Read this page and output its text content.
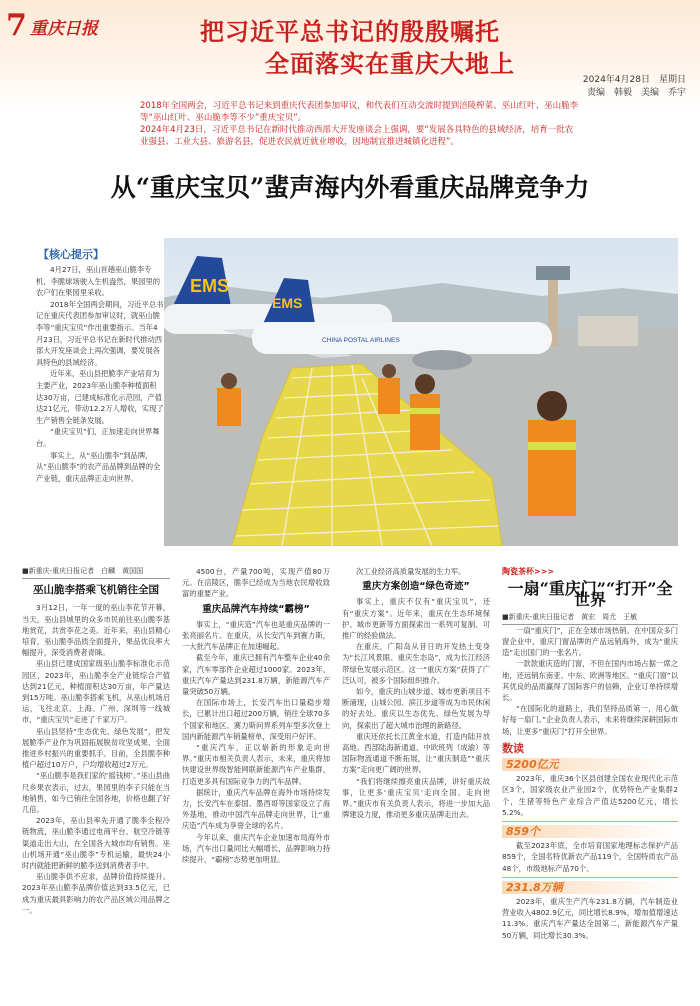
7 重庆日报	把习近平总书记的殷殷嘱托
全面落实在重庆大地上
2024年4月28日　星期日
责编　韩毅　美编　乔宇
2018年全国两会，习近平总书记来到重庆代表团参加审议，和代表们互动交流时提到涪陵榨菜、巫山红叶、巫山脆李等“巫山红叶、巫山脆李等不少”重庆宝贝”。
2024年4月23日，习近平总书记在新时代推动西部大开发座谈会上强调，要“发展各具特色的县域经济，培育一批农业强县、工业大县、旅游名县，促进农民就近就业增收，因地制宜推进城镇化进程”。
从“重庆宝贝”蜚声海内外看重庆品牌竞争力
EMS
CHINA POSTAL AIRLINES
EMS

【核心提示】

4月27日，巫山首趟巫山脆李专机，李脆球场驶入生机盎然，果园里的农户们在果园里采收。

2018年全国两会期间，习近平总书记在重庆代表团参加审议时，就巫山脆李等“重庆宝贝”作出重要指示。当年4月23日，习近平总书记在新时代推动西部大开发座谈会上再次强调，要发展各具特色的县域经济。

近年来，巫山县把脆李产业培育为主要产业，2023年巫山脆李种植面积达30万亩，已建成标准化示范园，产值达21亿元，带动12.2万人增收，实现了生产销售全链条发展。

“重庆宝贝”们，正加速走向世界舞台。

事实上，从“巫山脆李”到品牌，从“巫山脆李”的农产品品牌到品牌的全产业链，重庆品牌正走向世界。

■新重庆-重庆日报记者　白麟　黄国国

巫山脆李搭乘飞机销往全国

3月12日，一年一度的巫山李花节开幕，当天，巫山县城里的众多市民前往巫山脆李基地赏花，共赏李花之美。近年来，巫山县精心培育，巫山脆李品质全面提升，果品优良率大幅提升，深受消费者青睐。

巫山县已建成国家级巫山脆李标准化示范园区，2023年，巫山脆李全产业链综合产值达到21亿元，种植面积达30万亩，年产量达到15万吨。巫山脆李搭乘飞机，从巫山机场启运，飞往北京、上海、广州、深圳等一线城市，“重庆宝贝”走进了千家万户。

巫山县坚持“生态优先、绿色发展”，把发展脆李产业作为巩固拓展脱贫攻坚成果、全面推进乡村振兴的重要抓手。目前，全县脆李种植户超过10万户，户均增收超过2万元。

“巫山脆李是我们家的‘摇钱树’。”巫山县曲尺乡果农表示，过去，果园里的李子只能在当地销售，如今已销往全国各地，价格也翻了好几倍。

2023年，巫山县率先开通了脆李全程冷链物流，巫山脆李通过电商平台、航空冷链等渠道走出大山，在全国各大城市均有销售。巫山机场开通“巫山脆李”专机运输，最快24小时内就能把新鲜的脆李送到消费者手中。

巫山脆李供不应求，品牌价值持续提升。2023年巫山脆李品牌价值达到33.5亿元，已成为重庆最具影响力的农产品区域公用品牌之一。

4500台，产量700吨，实现产值80万元。在涪陵区，脆李已经成为当地农民增收致富的重要产业。

重庆品牌汽车持续“霸榜”

事实上，“重庆造”汽车也是重庆品牌的一张亮丽名片。在重庆，从长安汽车到赛力斯，一大批汽车品牌正在加速崛起。

截至今年，重庆已拥有汽车整车企业40余家，汽车零部件企业超过1000家。2023年，重庆汽车产量达到231.8万辆，新能源汽车产量突破50万辆。

在国际市场上，长安汽车出口量稳步增长，已累计出口超过200万辆，销往全球70多个国家和地区。赛力斯问界系列车型多次登上国内新能源汽车销量榜单，深受用户好评。

“重庆汽车，正以崭新的形象走向世界。”重庆市相关负责人表示，未来，重庆将加快建设世界级智能网联新能源汽车产业集群，打造更多具有国际竞争力的汽车品牌。

据统计，重庆汽车品牌在海外市场持续发力，长安汽车在泰国、墨西哥等国家设立了海外基地，推动中国汽车品牌走向世界，让“重庆造”汽车成为享誉全球的名片。

今年以来，重庆汽车企业加速布局海外市场，汽车出口量同比大幅增长，品牌影响力持续提升，“霸榜”态势更加明显。

次工业经济高质量发展的生力军。

重庆方案创造“绿色奇迹”

事实上，重庆不仅有“重庆宝贝”，还有“重庆方案”。近年来，重庆在生态环境保护、城市更新等方面探索出一系列可复制、可推广的经验做法。

在重庆，广阳岛从昔日的开发热土变身为“长江风景眼、重庆生态岛”，成为长江经济带绿色发展示范区。这一“重庆方案”获得了广泛认可，被多个国际组织推介。

如今，重庆的山城步道、城市更新项目不断涌现，山城公园、滨江步道等成为市民休闲的好去处。重庆以生态优先、绿色发展为导向，探索出了超大城市治理的新路径。

重庆还依托长江黄金水道，打造内陆开放高地。西部陆海新通道、中欧班列（成渝）等国际物流通道不断拓展，让“重庆制造”“重庆方案”走向更广阔的世界。

“我们将继续擦亮重庆品牌，讲好重庆故事，让更多‘重庆宝贝’走向全国、走向世界。”重庆市有关负责人表示，将进一步加大品牌建设力度，推动更多重庆品牌走出去。

陶瓷茶杯>>>

一扇“重庆门”“打开”全世界

■新重庆-重庆日报记者　黄宏　周尤　王敏

一扇“重庆门”，正在全球市场热销。在中国众多门窗企业中，重庆门窗品牌的产品远销海外，成为“重庆造”走出国门的一张名片。

一款款重庆造的门窗，不但在国内市场占据一席之地，还远销东南亚、中东、欧洲等地区。“重庆门窗”以其优良的品质赢得了国际客户的信赖，企业订单持续增长。

“在国际化的道路上，我们坚持品质第一，用心做好每一扇门。”企业负责人表示，未来将继续深耕国际市场，让更多“重庆门”打开全世界。

数读
5200亿元

2023年，重庆36个区县创建全国农业现代化示范区3个，国家级农业产业园2个，优势特色产业集群2个，生猪等特色产业综合产值达5200亿元，增长5.2%。

859个

截至2023年底，全市培育国家地理标志保护产品859个，全国名特优新农产品119个，全国特质农产品48个，市级地标产品70个。

231.8万辆

2023年，重庆生产汽车231.8万辆，汽车制造业营业收入4802.9亿元，同比增长8.9%，增加值增速达11.3%。重庆汽车产量达全国第二，新能源汽车产量50万辆，同比增长30.3%。
